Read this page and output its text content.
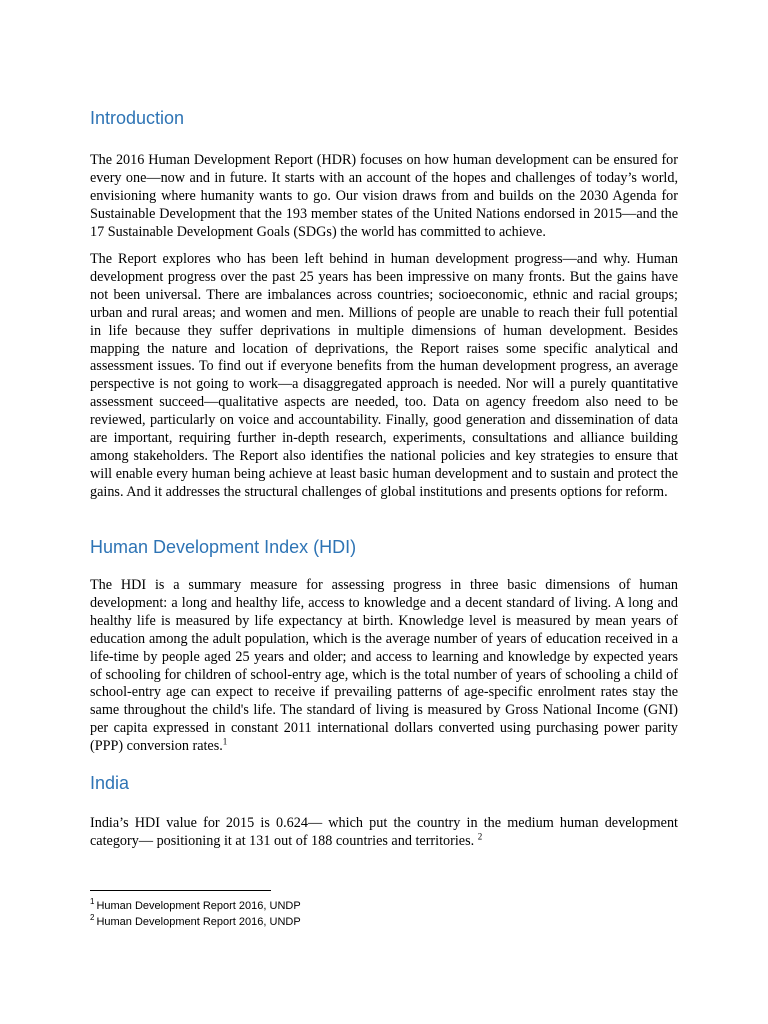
Introduction

The 2016 Human Development Report (HDR) focuses on how human development can be ensured for every one—now and in future. It starts with an account of the hopes and challenges of today’s world, envisioning where humanity wants to go. Our vision draws from and builds on the 2030 Agenda for Sustainable Development that the 193 member states of the United Nations endorsed in 2015—and the 17 Sustainable Development Goals (SDGs) the world has committed to achieve.

The Report explores who has been left behind in human development progress—and why. Human development progress over the past 25 years has been impressive on many fronts. But the gains have not been universal. There are imbalances across countries; socioeconomic, ethnic and racial groups; urban and rural areas; and women and men. Millions of people are unable to reach their full potential in life because they suffer deprivations in multiple dimensions of human development. Besides mapping the nature and location of deprivations, the Report raises some specific analytical and assessment issues. To find out if everyone benefits from the human development progress, an average perspective is not going to work—a disaggregated approach is needed. Nor will a purely quantitative assessment succeed—qualitative aspects are needed, too. Data on agency freedom also need to be reviewed, particularly on voice and accountability. Finally, good generation and dissemination of data are important, requiring further in-depth research, experiments, consultations and alliance building among stakeholders. The Report also identifies the national policies and key strategies to ensure that will enable every human being achieve at least basic human development and to sustain and protect the gains. And it addresses the structural challenges of global institutions and presents options for reform.

Human Development Index (HDI)

The HDI is a summary measure for assessing progress in three basic dimensions of human development: a long and healthy life, access to knowledge and a decent standard of living. A long and healthy life is measured by life expectancy at birth. Knowledge level is measured by mean years of education among the adult population, which is the average number of years of education received in a life-time by people aged 25 years and older; and access to learning and knowledge by expected years of schooling for children of school-entry age, which is the total number of years of schooling a child of school-entry age can expect to receive if prevailing patterns of age-specific enrolment rates stay the same throughout the child's life. The standard of living is measured by Gross National Income (GNI) per capita expressed in constant 2011 international dollars converted using purchasing power parity (PPP) conversion rates.$^1$

India

India’s HDI value for 2015 is 0.624— which put the country in the medium human development category— positioning it at 131 out of 188 countries and territories. $^2$

$^1$ Human Development Report 2016, UNDP
$^2$ Human Development Report 2016, UNDP
